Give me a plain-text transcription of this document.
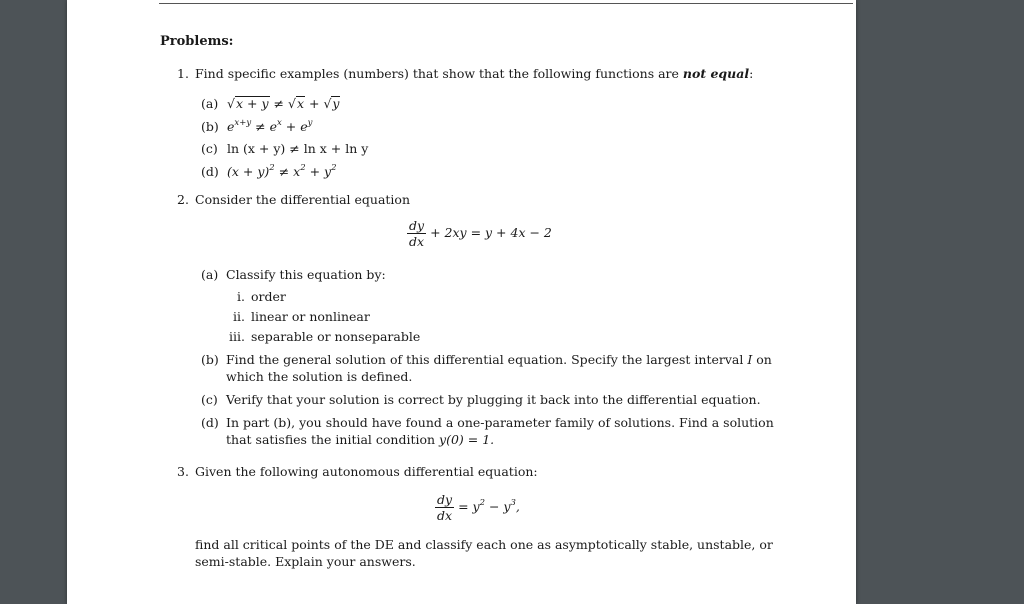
Problems:
1. Find specific examples (numbers) that show that the following functions are not equal:
(a) √x + y ≠ √x + √y
(b) $e^{x+y} \ne e^x + e^y$
(c) ln (x + y) ≠ ln x + ln y
(d) $(x + y)^2 \ne x^2 + y^2$
2. Consider the differential equation
$\frac{dy}{dx} + 2xy = y + 4x - 2$
(a) Classify this equation by:
i. order
ii. linear or nonlinear
iii. separable or nonseparable
(b) Find the general solution of this differential equation. Specify the largest interval I on
which the solution is defined.
(c) Verify that your solution is correct by plugging it back into the differential equation.
(d) In part (b), you should have found a one-parameter family of solutions. Find a solution
that satisfies the initial condition y(0) = 1.
3. Given the following autonomous differential equation:
$\frac{dy}{dx} = y^2 - y^3$,
find all critical points of the DE and classify each one as asymptotically stable, unstable, or
semi-stable. Explain your answers.
